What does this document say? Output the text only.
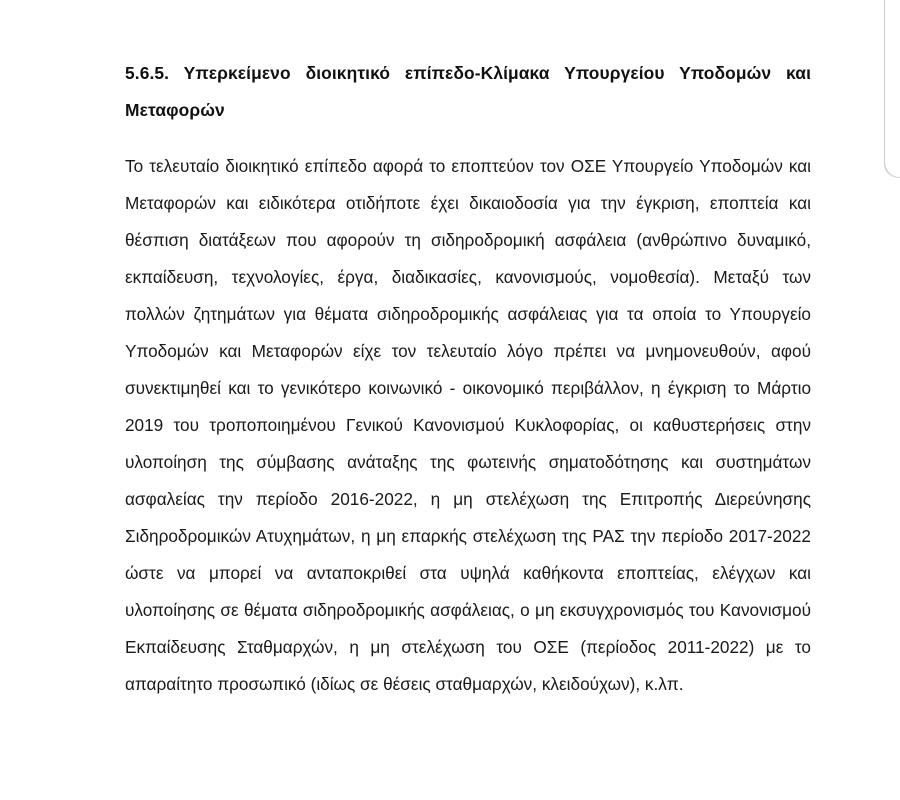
5.6.5. Υπερκείμενο διοικητικό επίπεδο-Κλίμακα Υπουργείου Υποδομών και
Μεταφορών

Το τελευταίο διοικητικό επίπεδο αφορά το εποπτεύον τον ΟΣΕ Υπουργείο Υποδομών και Μεταφορών και ειδικότερα οτιδήποτε έχει δικαιοδοσία για την έγκριση, εποπτεία και θέσπιση διατάξεων που αφορούν τη σιδηροδρομική ασφάλεια (ανθρώπινο δυναμικό, εκπαίδευση, τεχνολογίες, έργα, διαδικασίες, κανονισμούς, νομοθεσία). Μεταξύ των πολλών ζητημάτων για θέματα σιδηροδρομικής ασφάλειας για τα οποία το Υπουργείο Υποδομών και Μεταφορών είχε τον τελευταίο λόγο πρέπει να μνημονευθούν, αφού συνεκτιμηθεί και το γενικότερο κοινωνικό - οικονομικό περιβάλλον, η έγκριση το Μάρτιο 2019 του τροποποιημένου Γενικού Κανονισμού Κυκλοφορίας, οι καθυστερήσεις στην υλοποίηση της σύμβασης ανάταξης της φωτεινής σηματοδότησης και συστημάτων ασφαλείας την περίοδο 2016-2022, η μη στελέχωση της Επιτροπής Διερεύνησης Σιδηροδρομικών Ατυχημάτων, η μη επαρκής στελέχωση της ΡΑΣ την περίοδο 2017-2022 ώστε να μπορεί να ανταποκριθεί στα υψηλά καθήκοντα εποπτείας, ελέγχων και υλοποίησης σε θέματα σιδηροδρομικής ασφάλειας, ο μη εκσυγχρονισμός του Κανονισμού Εκπαίδευσης Σταθμαρχών, η μη στελέχωση του ΟΣΕ (περίοδος 2011-2022) με το απαραίτητο προσωπικό (ιδίως σε θέσεις σταθμαρχών, κλειδούχων), κ.λπ.
